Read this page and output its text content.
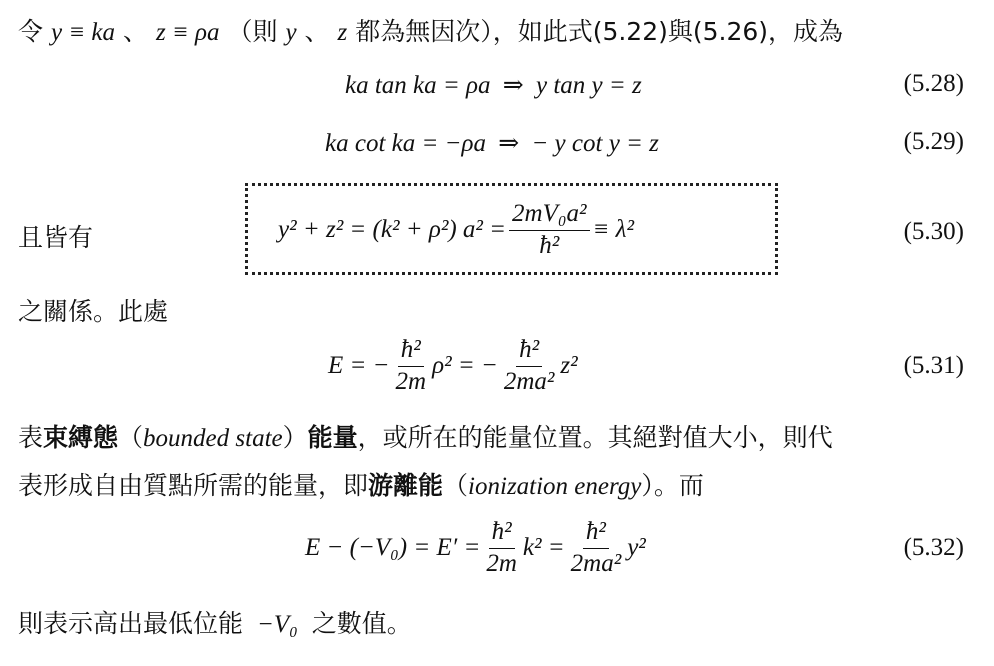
令 y ≡ ka 、 z ≡ ρa （則 y 、 z 都為無因次），如此式(5.22)與(5.26)，成為
ka tan ka = ρa ⇒ y tan y = z	(5.28)
ka cot ka = −ρa ⇒ − y cot y = z	(5.29)
且皆有	y² + z² = (k² + ρ²) $a^2 = \frac{\text{2mV₀a²}}{\text{ħ²}} \equiv \lambda^2$	(5.30)
之關係。此處
E = − $\frac{\text{ħ²}}{2m} \rho^2$ = − $\frac{\text{ħ²}}{\text{2ma²}} z^2$	(5.31)
表束縛態（bounded state）能量，或所在的能量位置。其絕對值大小，則代
表形成自由質點所需的能量，即游離能（ionization energy）。而
$E - (-V_0) = E' = \frac{\text{ħ²}}{2m} k^2 = \frac{\text{ħ²}}{\text{2ma²}} y^2$	(5.32)
則表示高出最低位能 −V₀ 之數值。
